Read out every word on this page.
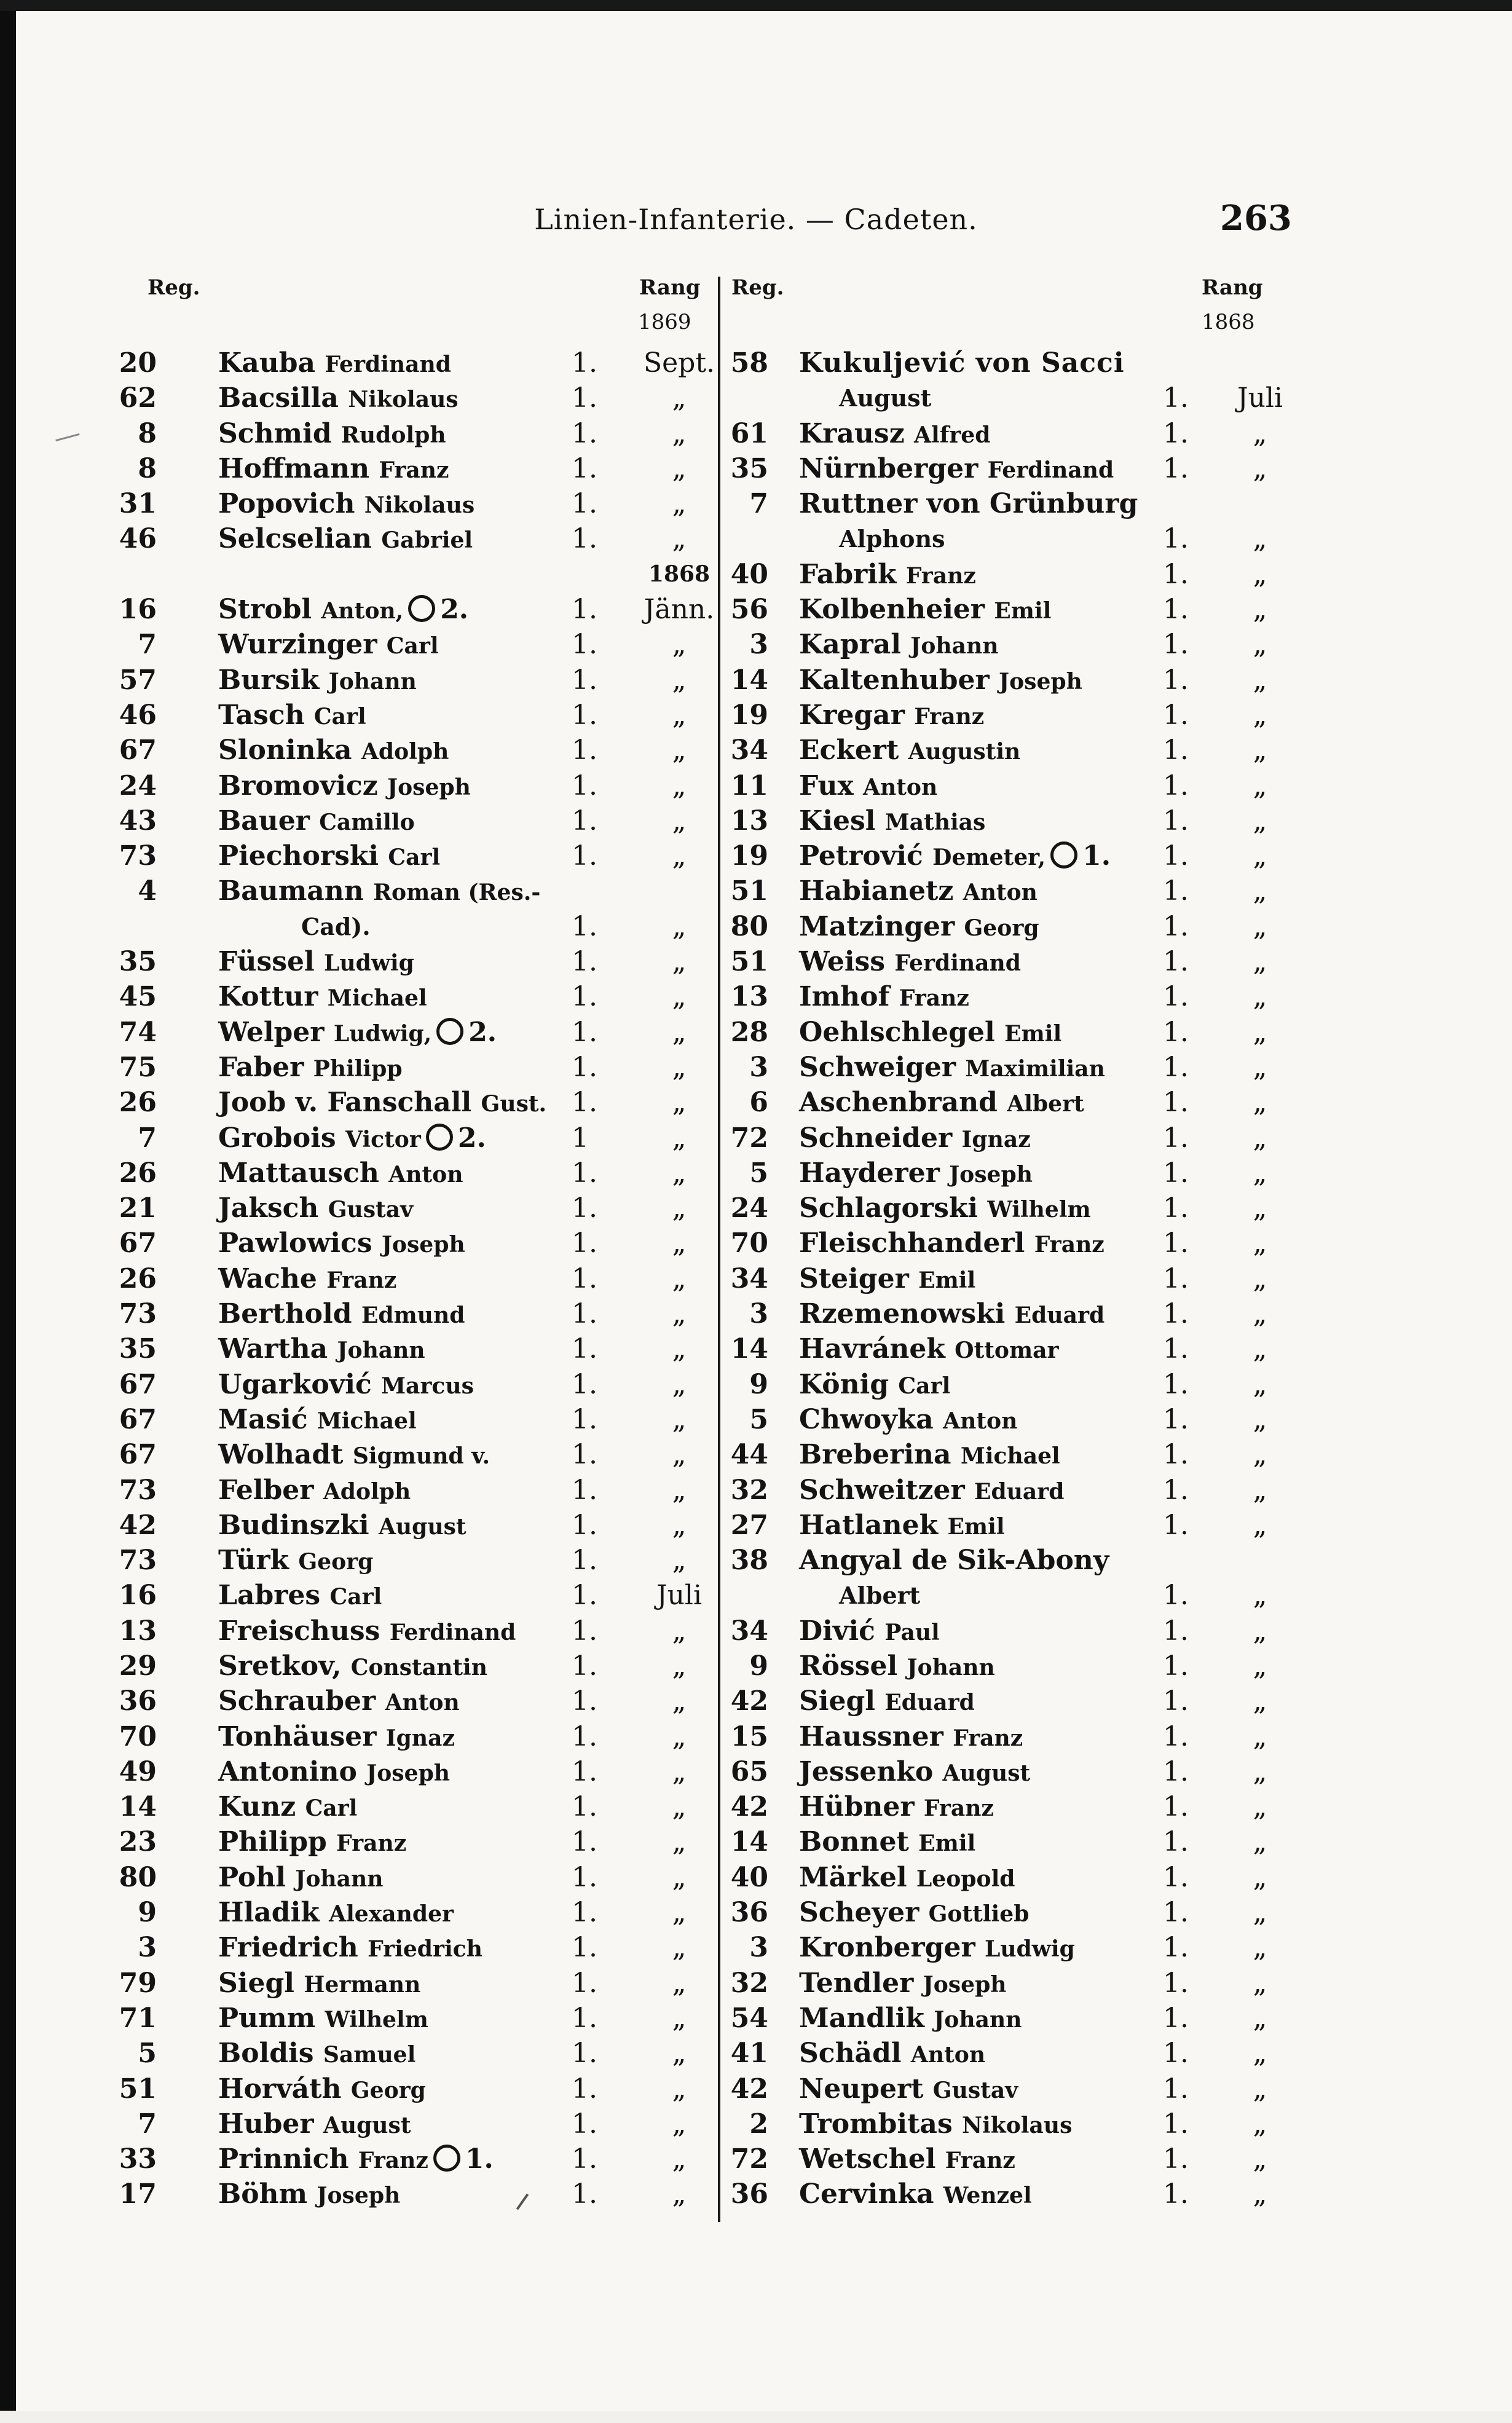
Linien-Infanterie. — Cadeten.	263
Reg.	Rang
1869
Reg.	Rang
1868
20 Kauba Ferdinand	1.	Sept.
62 Bacsilla Nikolaus	1.	„
8 Schmid Rudolph	1.	„
8 Hoffmann Franz	1.	„
31 Popovich Nikolaus	1.	„
46 Selcselian Gabriel	1.	„
1868
16 Strobl Anton, 2.	1.	Jänn.
7 Wurzinger Carl	1.	„
57 Bursik Johann	1.	„
46 Tasch Carl	1.	„
67 Sloninka Adolph	1.	„
24 Bromovicz Joseph	1.	„
43 Bauer Camillo	1.	„
73 Piechorski Carl	1.	„
4 Baumann Roman (Res.-
Cad).	1.	„
35 Füssel Ludwig	1.	„
45 Kottur Michael	1.	„
74 Welper Ludwig, 2.	1.	„
75 Faber Philipp	1.	„
26 Joob v. Fanschall Gust. 1.	„
7 Grobois Victor 2.	1	„
26 Mattausch Anton	1.	„
21 Jaksch Gustav	1.	„
67 Pawlowics Joseph	1.	„
26 Wache Franz	1.	„
73 Berthold Edmund	1.	„
35 Wartha Johann	1.	„
67 Ugarković Marcus	1.	„
67 Masić Michael	1.	„
67 Wolhadt Sigmund v.	1.	„
73 Felber Adolph	1.	„
42 Budinszki August	1.	„
73 Türk Georg	1.	„
16 Labres Carl	1.	Juli
13 Freischuss Ferdinand 1.	„
29 Sretkov, Constantin	1.	„
36 Schrauber Anton	1.	„
70 Tonhäuser Ignaz	1.	„
49 Antonino Joseph	1.	„
14 Kunz Carl	1.	„
23 Philipp Franz	1.	„
80 Pohl Johann	1.	„
9 Hladik Alexander	1.	„
3 Friedrich Friedrich	1.	„
79 Siegl Hermann	1.	„
71 Pumm Wilhelm	1.	„
5 Boldis Samuel	1.	„
51 Horváth Georg	1.	„
7 Huber August	1.	„
33 Prinnich Franz 1.	1.	„
17 Böhm Joseph	1.	„
58 Kukuljević von Sacci
August	1.	Juli
61 Krausz Alfred	1.	„
35 Nürnberger Ferdinand 1.	„
7 Ruttner von Grünburg
Alphons	1.	„
40 Fabrik Franz	1.	„
56 Kolbenheier Emil	1.	„
3 Kapral Johann	1.	„
14 Kaltenhuber Joseph	1.	„
19 Kregar Franz	1.	„
34 Eckert Augustin	1.	„
11 Fux Anton	1.	„
13 Kiesl Mathias	1.	„
19 Petrović Demeter, 1. 1.	„
51 Habianetz Anton	1.	„
80 Matzinger Georg	1.	„
51 Weiss Ferdinand	1.	„
13 Imhof Franz	1.	„
28 Oehlschlegel Emil	1.	„
3 Schweiger Maximilian 1.	„
6 Aschenbrand Albert	1.	„
72 Schneider Ignaz	1.	„
5 Hayderer Joseph	1.	„
24 Schlagorski Wilhelm	1.	„
70 Fleischhanderl Franz 1.	„
34 Steiger Emil	1.	„
3 Rzemenowski Eduard 1.	„
14 Havránek Ottomar	1.	„
9 König Carl	1.	„
5 Chwoyka Anton	1.	„
44 Breberina Michael	1.	„
32 Schweitzer Eduard	1.	„
27 Hatlanek Emil	1.	„
38 Angyal de Sik-Abony
Albert	1.	„
34 Divić Paul	1.	„
9 Rössel Johann	1.	„
42 Siegl Eduard	1.	„
15 Haussner Franz	1.	„
65 Jessenko August	1.	„
42 Hübner Franz	1.	„
14 Bonnet Emil	1.	„
40 Märkel Leopold	1.	„
36 Scheyer Gottlieb	1.	„
3 Kronberger Ludwig	1.	„
32 Tendler Joseph	1.	„
54 Mandlik Johann	1.	„
41 Schädl Anton	1.	„
42 Neupert Gustav	1.	„
2 Trombitas Nikolaus	1.	„
72 Wetschel Franz	1.	„
36 Cervinka Wenzel	1.	„
